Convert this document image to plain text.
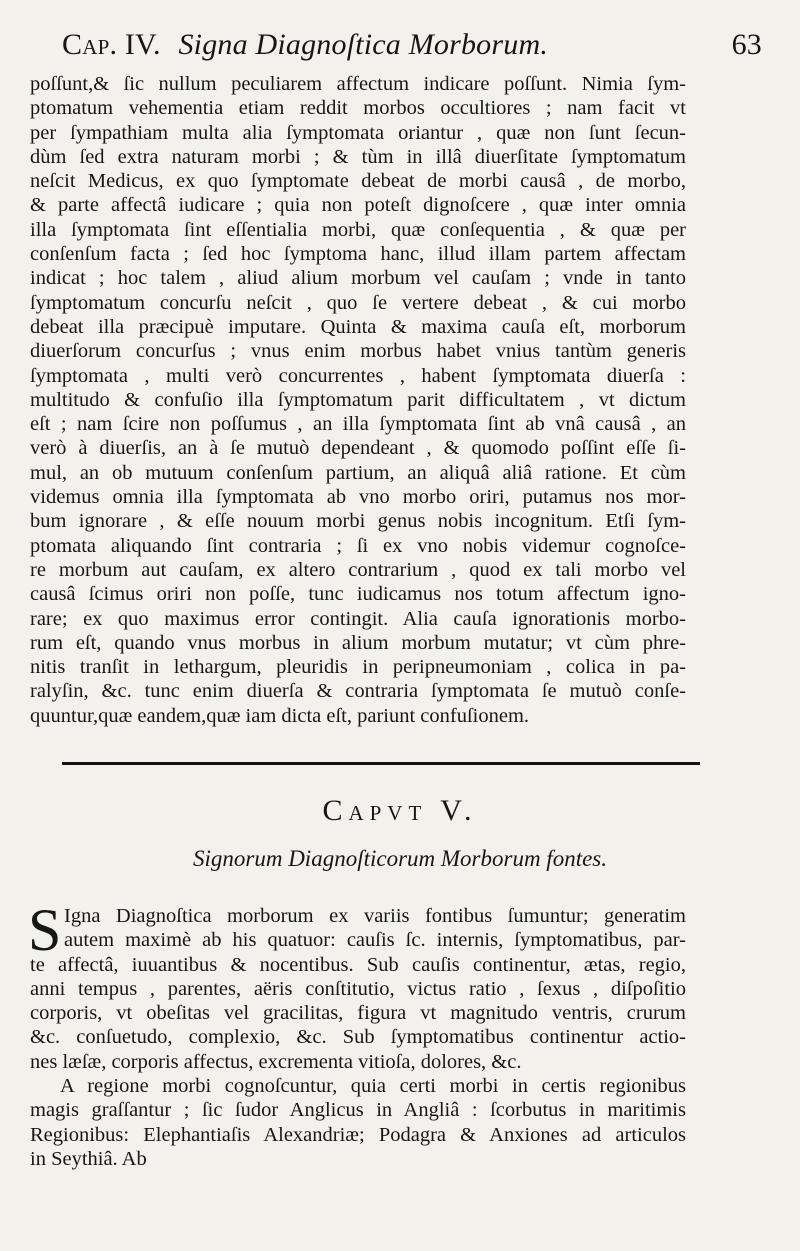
Cap. IV. Signa Diagnoſtica Morborum.	63
poſſunt,& ſic nullum peculiarem affectum indicare poſſunt. Nimia ſym-
ptomatum vehementia etiam reddit morbos occultiores ; nam facit vt
per ſympathiam multa alia ſymptomata oriantur , quæ non ſunt ſecun-
dùm ſed extra naturam morbi ; & tùm in illâ diuerſitate ſymptomatum
neſcit Medicus, ex quo ſymptomate debeat de morbi causâ , de morbo,
& parte affectâ iudicare ; quia non poteſt dignoſcere , quæ inter omnia
illa ſymptomata ſint eſſentialia morbi, quæ conſequentia , & quæ per
conſenſum facta ; ſed hoc ſymptoma hanc, illud illam partem affectam
indicat ; hoc talem , aliud alium morbum vel cauſam ; vnde in tanto
ſymptomatum concurſu neſcit , quo ſe vertere debeat , & cui morbo
debeat illa præcipuè imputare. Quinta & maxima cauſa eſt, morborum
diuerſorum concurſus ; vnus enim morbus habet vnius tantùm generis
ſymptomata , multi verò concurrentes , habent ſymptomata diuerſa :
multitudo & confuſio illa ſymptomatum parit difficultatem , vt dictum
eſt ; nam ſcire non poſſumus , an illa ſymptomata ſint ab vnâ causâ , an
verò à diuerſis, an à ſe mutuò dependeant , & quomodo poſſint eſſe ſi-
mul, an ob mutuum conſenſum partium, an aliquâ aliâ ratione. Et cùm
videmus omnia illa ſymptomata ab vno morbo oriri, putamus nos mor-
bum ignorare , & eſſe nouum morbi genus nobis incognitum. Etſi ſym-
ptomata aliquando ſint contraria ; ſi ex vno nobis videmur cognoſce-
re morbum aut cauſam, ex altero contrarium , quod ex tali morbo vel
causâ ſcimus oriri non poſſe, tunc iudicamus nos totum affectum igno-
rare; ex quo maximus error contingit. Alia cauſa ignorationis morbo-
rum eſt, quando vnus morbus in alium morbum mutatur; vt cùm phre-
nitis tranſit in lethargum, pleuridis in peripneumoniam , colica in pa-
ralyſin, &c. tunc enim diuerſa & contraria ſymptomata ſe mutuò conſe-
quuntur,quæ eandem,quæ iam dicta eſt, pariunt confuſionem.
Capvt V.
Signorum Diagnoſticorum Morborum fontes.
S Igna Diagnoſtica morborum ex variis fontibus ſumuntur; generatim
autem maximè ab his quatuor: cauſis ſc. internis, ſymptomatibus, par-
te affectâ, iuuantibus & nocentibus. Sub cauſis continentur, ætas, regio,
anni tempus , parentes, aëris conſtitutio, victus ratio , ſexus , diſpoſitio
corporis, vt obeſitas vel gracilitas, figura vt magnitudo ventris, crurum
&c. conſuetudo, complexio, &c. Sub ſymptomatibus continentur actio-
nes læſæ, corporis affectus, excrementa vitioſa, dolores, &c.
A regione morbi cognoſcuntur, quia certi morbi in certis regionibus
magis graſſantur ; ſic ſudor Anglicus in Angliâ : ſcorbutus in maritimis
Regionibus: Elephantiaſis Alexandriæ; Podagra & Anxiones ad articulos
in Seythiâ. Ab
